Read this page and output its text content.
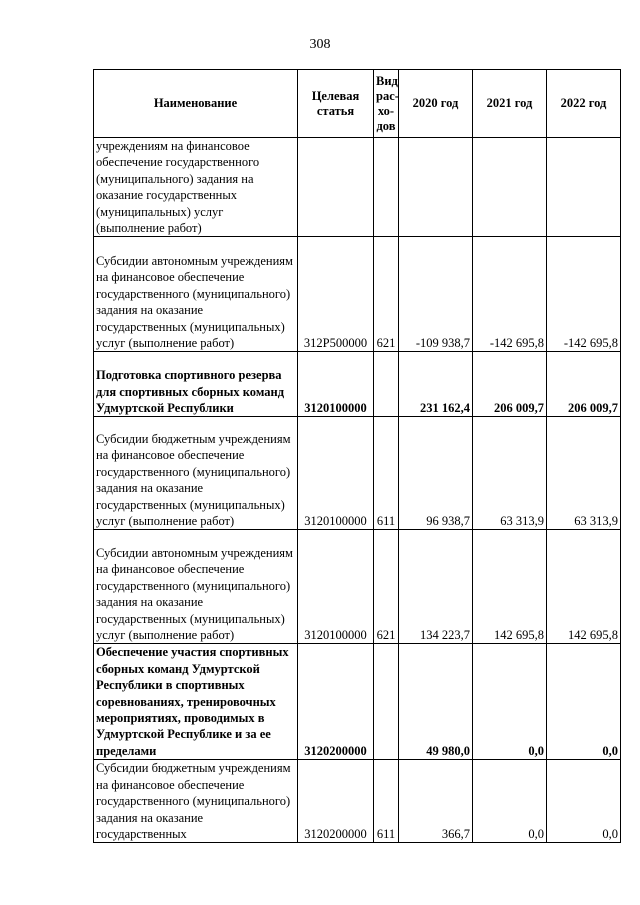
308
Наименование	Целевая статья	Вид рас-хо-дов	2020 год	2021 год	2022 год
учреждениям на финансовое обеспечение государственного (муниципального) задания на оказание государственных (муниципальных) услуг (выполнение работ)					
Субсидии автономным учреждениям на финансовое обеспечение государственного (муниципального) задания на оказание государственных (муниципальных) услуг (выполнение работ)	312P500000	621	-109 938,7	-142 695,8	-142 695,8
Подготовка спортивного резерва для спортивных сборных команд Удмуртской Республики	3120100000		231 162,4	206 009,7	206 009,7
Субсидии бюджетным учреждениям на финансовое обеспечение государственного (муниципального) задания на оказание государственных (муниципальных) услуг (выполнение работ)	3120100000	611	96 938,7	63 313,9	63 313,9
Субсидии автономным учреждениям на финансовое обеспечение государственного (муниципального) задания на оказание государственных (муниципальных) услуг (выполнение работ)	3120100000	621	134 223,7	142 695,8	142 695,8
Обеспечение участия спортивных сборных команд Удмуртской Республики в спортивных соревнованиях, тренировочных мероприятиях, проводимых в Удмуртской Республике и за ее пределами	3120200000		49 980,0	0,0	0,0
Субсидии бюджетным учреждениям на финансовое обеспечение государственного (муниципального) задания на оказание государственных	3120200000	611	366,7	0,0	0,0
